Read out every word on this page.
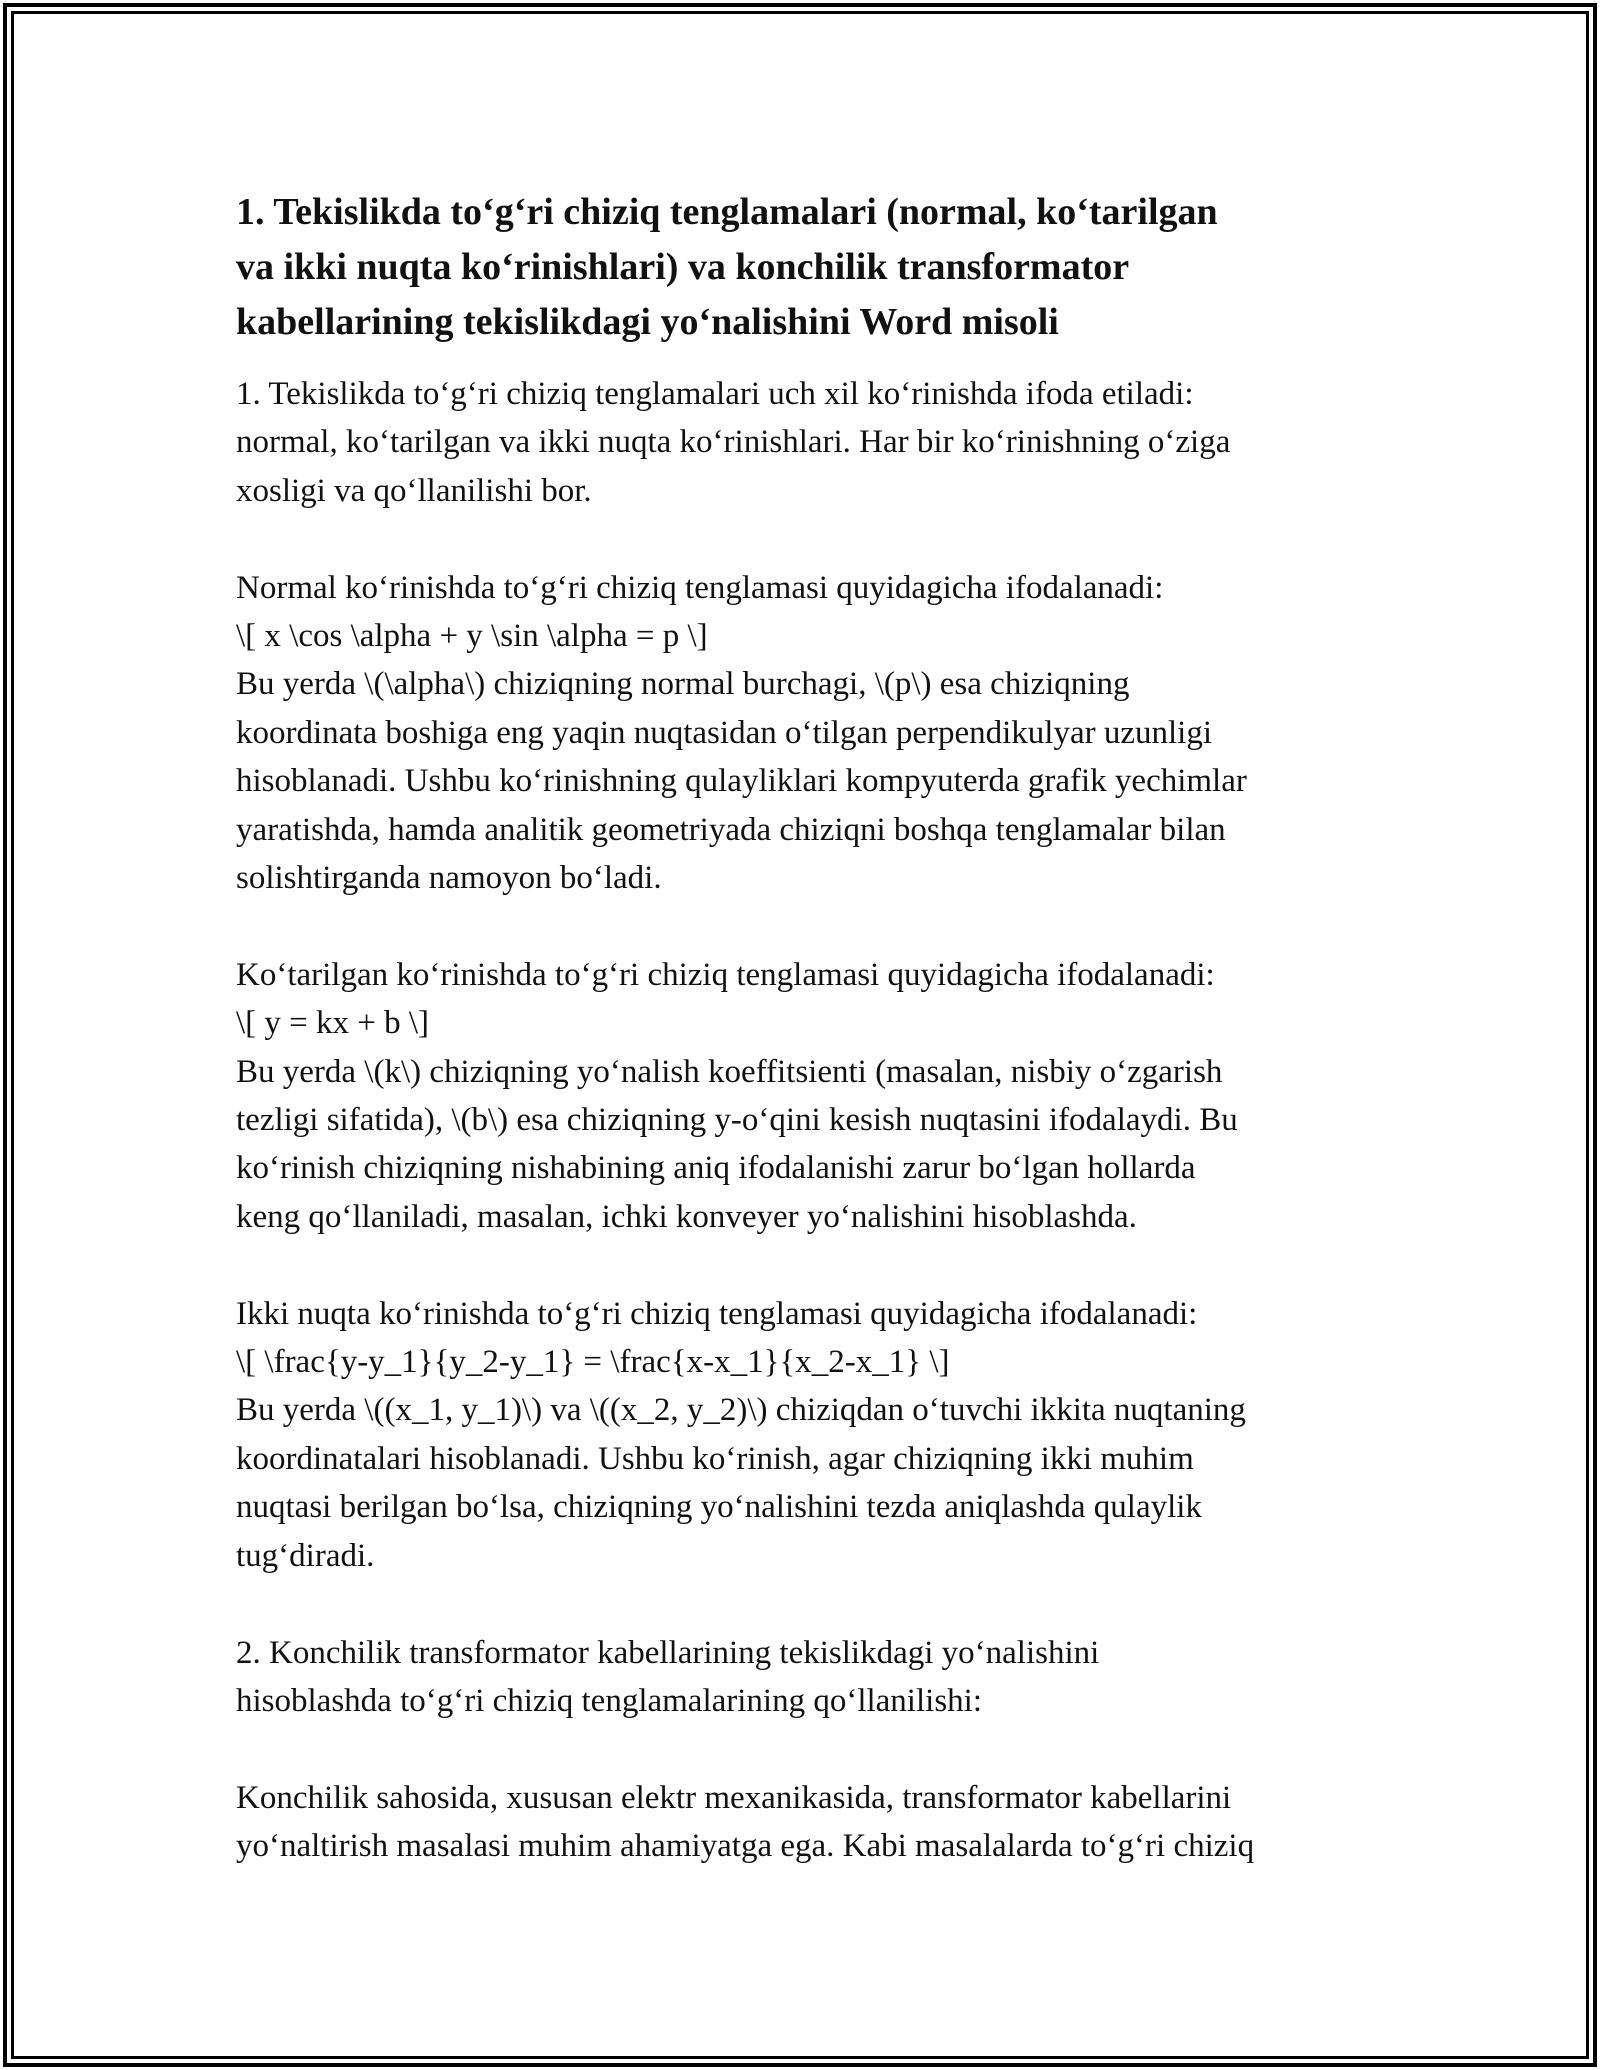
1. Tekislikda to‘g‘ri chiziq tenglamalari (normal, ko‘tarilgan
va ikki nuqta ko‘rinishlari) va konchilik transformator
kabellarining tekislikdagi yo‘nalishini Word misoli
1. Tekislikda to‘g‘ri chiziq tenglamalari uch xil ko‘rinishda ifoda etiladi:
normal, ko‘tarilgan va ikki nuqta ko‘rinishlari. Har bir ko‘rinishning o‘ziga
xosligi va qo‘llanilishi bor.
Normal ko‘rinishda to‘g‘ri chiziq tenglamasi quyidagicha ifodalanadi:
\[ x \cos \alpha + y \sin \alpha = p \]
Bu yerda \(\alpha\) chiziqning normal burchagi, \(p\) esa chiziqning
koordinata boshiga eng yaqin nuqtasidan o‘tilgan perpendikulyar uzunligi
hisoblanadi. Ushbu ko‘rinishning qulayliklari kompyuterda grafik yechimlar
yaratishda, hamda analitik geometriyada chiziqni boshqa tenglamalar bilan
solishtirganda namoyon bo‘ladi.
Ko‘tarilgan ko‘rinishda to‘g‘ri chiziq tenglamasi quyidagicha ifodalanadi:
\[ y = kx + b \]
Bu yerda \(k\) chiziqning yo‘nalish koeffitsienti (masalan, nisbiy o‘zgarish
tezligi sifatida), \(b\) esa chiziqning y-o‘qini kesish nuqtasini ifodalaydi. Bu
ko‘rinish chiziqning nishabining aniq ifodalanishi zarur bo‘lgan hollarda
keng qo‘llaniladi, masalan, ichki konveyer yo‘nalishini hisoblashda.
Ikki nuqta ko‘rinishda to‘g‘ri chiziq tenglamasi quyidagicha ifodalanadi:
\[ \frac{y-y_1}{y_2-y_1} = \frac{x-x_1}{x_2-x_1} \]
Bu yerda \((x_1, y_1)\) va \((x_2, y_2)\) chiziqdan o‘tuvchi ikkita nuqtaning
koordinatalari hisoblanadi. Ushbu ko‘rinish, agar chiziqning ikki muhim
nuqtasi berilgan bo‘lsa, chiziqning yo‘nalishini tezda aniqlashda qulaylik
tug‘diradi.
2. Konchilik transformator kabellarining tekislikdagi yo‘nalishini
hisoblashda to‘g‘ri chiziq tenglamalarining qo‘llanilishi:
Konchilik sahosida, xususan elektr mexanikasida, transformator kabellarini
yo‘naltirish masalasi muhim ahamiyatga ega. Kabi masalalarda to‘g‘ri chiziq
